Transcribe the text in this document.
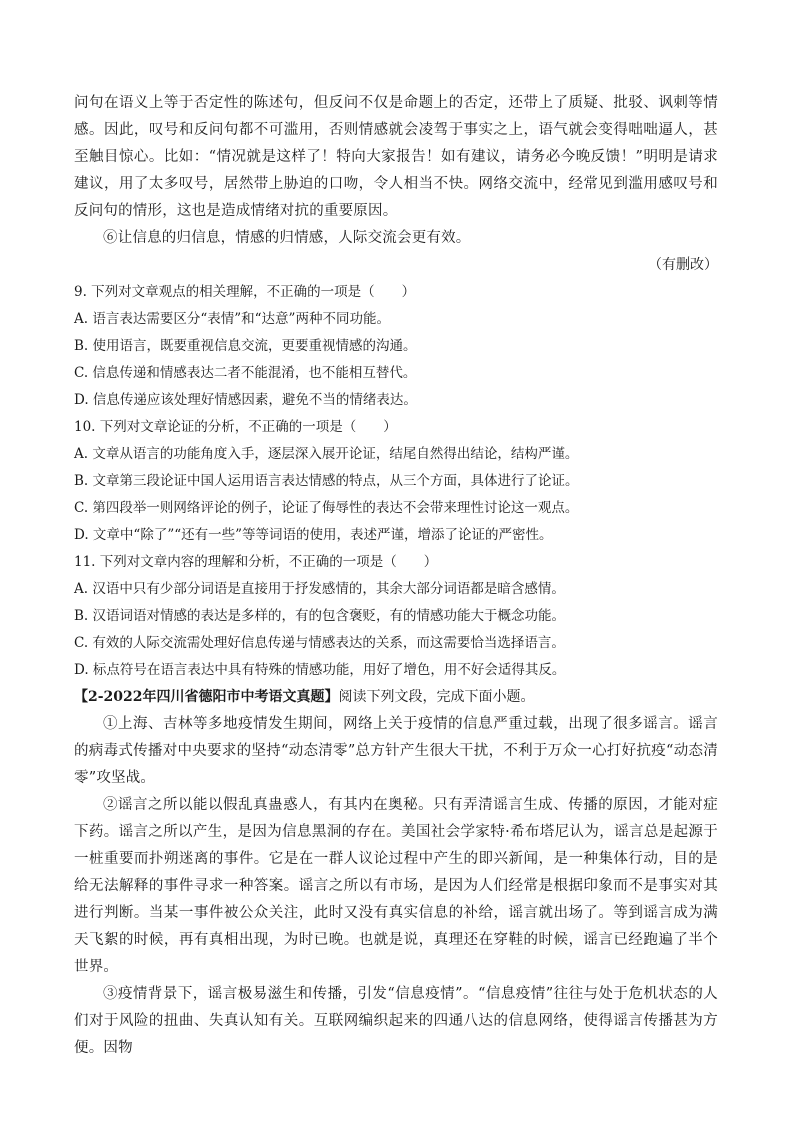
问句在语义上等于否定性的陈述句，但反问不仅是命题上的否定，还带上了质疑、批驳、讽刺等情感。因此，叹号和反问句都不可滥用，否则情感就会凌驾于事实之上，语气就会变得咄咄逼人，甚至触目惊心。比如：“情况就是这样了！特向大家报告！如有建议，请务必今晚反馈！”明明是请求建议，用了太多叹号，居然带上胁迫的口吻，令人相当不快。网络交流中，经常见到滥用感叹号和反问句的情形，这也是造成情绪对抗的重要原因。

⑥让信息的归信息，情感的归情感，人际交流会更有效。

（有删改）

9. 下列对文章观点的相关理解，不正确的一项是（　　）

A. 语言表达需要区分“表情”和“达意”两种不同功能。

B. 使用语言，既要重视信息交流，更要重视情感的沟通。

C. 信息传递和情感表达二者不能混淆，也不能相互替代。

D. 信息传递应该处理好情感因素，避免不当的情绪表达。

10. 下列对文章论证的分析，不正确的一项是（　　）

A. 文章从语言的功能角度入手，逐层深入展开论证，结尾自然得出结论，结构严谨。

B. 文章第三段论证中国人运用语言表达情感的特点，从三个方面，具体进行了论证。

C. 第四段举一则网络评论的例子，论证了侮辱性的表达不会带来理性讨论这一观点。

D. 文章中“除了”“还有一些”等等词语的使用，表述严谨，增添了论证的严密性。

11. 下列对文章内容的理解和分析，不正确的一项是（　　）

A. 汉语中只有少部分词语是直接用于抒发感情的，其余大部分词语都是暗含感情。

B. 汉语词语对情感的表达是多样的，有的包含褒贬，有的情感功能大于概念功能。

C. 有效的人际交流需处理好信息传递与情感表达的关系，而这需要恰当选择语言。

D. 标点符号在语言表达中具有特殊的情感功能，用好了增色，用不好会适得其反。

【2-2022年四川省德阳市中考语文真题】阅读下列文段，完成下面小题。

①上海、吉林等多地疫情发生期间，网络上关于疫情的信息严重过载，出现了很多谣言。谣言的病毒式传播对中央要求的坚持“动态清零”总方针产生很大干扰，不利于万众一心打好抗疫“动态清零”攻坚战。

②谣言之所以能以假乱真蛊惑人，有其内在奥秘。只有弄清谣言生成、传播的原因，才能对症下药。谣言之所以产生，是因为信息黑洞的存在。美国社会学家特·希布塔尼认为，谣言总是起源于一桩重要而扑朔迷离的事件。它是在一群人议论过程中产生的即兴新闻，是一种集体行动，目的是给无法解释的事件寻求一种答案。谣言之所以有市场，是因为人们经常是根据印象而不是事实对其进行判断。当某一事件被公众关注，此时又没有真实信息的补给，谣言就出场了。等到谣言成为满天飞絮的时候，再有真相出现，为时已晚。也就是说，真理还在穿鞋的时候，谣言已经跑遍了半个世界。

③疫情背景下，谣言极易滋生和传播，引发“信息疫情”。“信息疫情”往往与处于危机状态的人们对于风险的扭曲、失真认知有关。互联网编织起来的四通八达的信息网络，使得谣言传播甚为方便。因物
